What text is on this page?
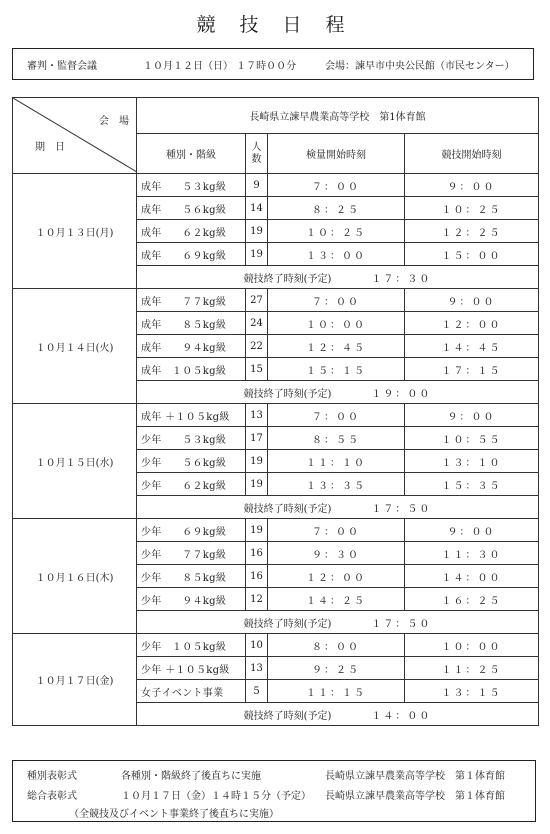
競 技 日 程
審判・監督会議	１０月１２日（日） １７時００分	会場：諫早市中央公民館（市民センター）
会　場
期　日	長崎県立諫早農業高等学校　第1体育館			
	種別・階級	人
数	検量開始時刻	競技開始時刻
１０月１３日(月)	成年　　５３kg級	9	７：００	９：００
	成年　　５６kg級	14	８：２５	１０：２５
	成年　　６２kg級	19	１０：２５	１２：２５
	成年　　６９kg級	19	１３：００	１５：００
	競技終了時刻(予定) １７：３０			
１０月１４日(火)	成年　　７７kg級	27	７：００	９：００
	成年　　８５kg級	24	１０：００	１２：００
	成年　　９４kg級	22	１２：４５	１４：４５
	成年　１０５kg級	15	１５：１５	１７：１５
	競技終了時刻(予定) １９：００			
１０月１５日(水)	成年 ＋１０５kg級	13	７：００	９：００
	少年　　５３kg級	17	８：５５	１０：５５
	少年　　５６kg級	19	１１：１０	１３：１０
	少年　　６２kg級	19	１３：３５	１５：３５
	競技終了時刻(予定) １７：５０			
１０月１６日(木)	少年　　６９kg級	19	７：００	９：００
	少年　　７７kg級	16	９：３０	１１：３０
	少年　　８５kg級	16	１２：００	１４：００
	少年　　９４kg級	12	１４：２５	１６：２５
	競技終了時刻(予定) １７：５０			
１０月１７日(金)	少年　１０５kg級	10	８：００	１０：００
	少年 ＋１０５kg級	13	９：２５	１１：２５
	女子イベント事業	5	１１：１５	１３：１５
	競技終了時刻(予定) １４：００			
種別表彰式	各種別・階級終了後直ちに実施	長崎県立諫早農業高等学校　第１体育館
総合表彰式	１０月１７日（金）１４時１５分（予定） 長崎県立諫早農業高等学校　第１体育館
（全競技及びイベント事業終了後直ちに実施）
